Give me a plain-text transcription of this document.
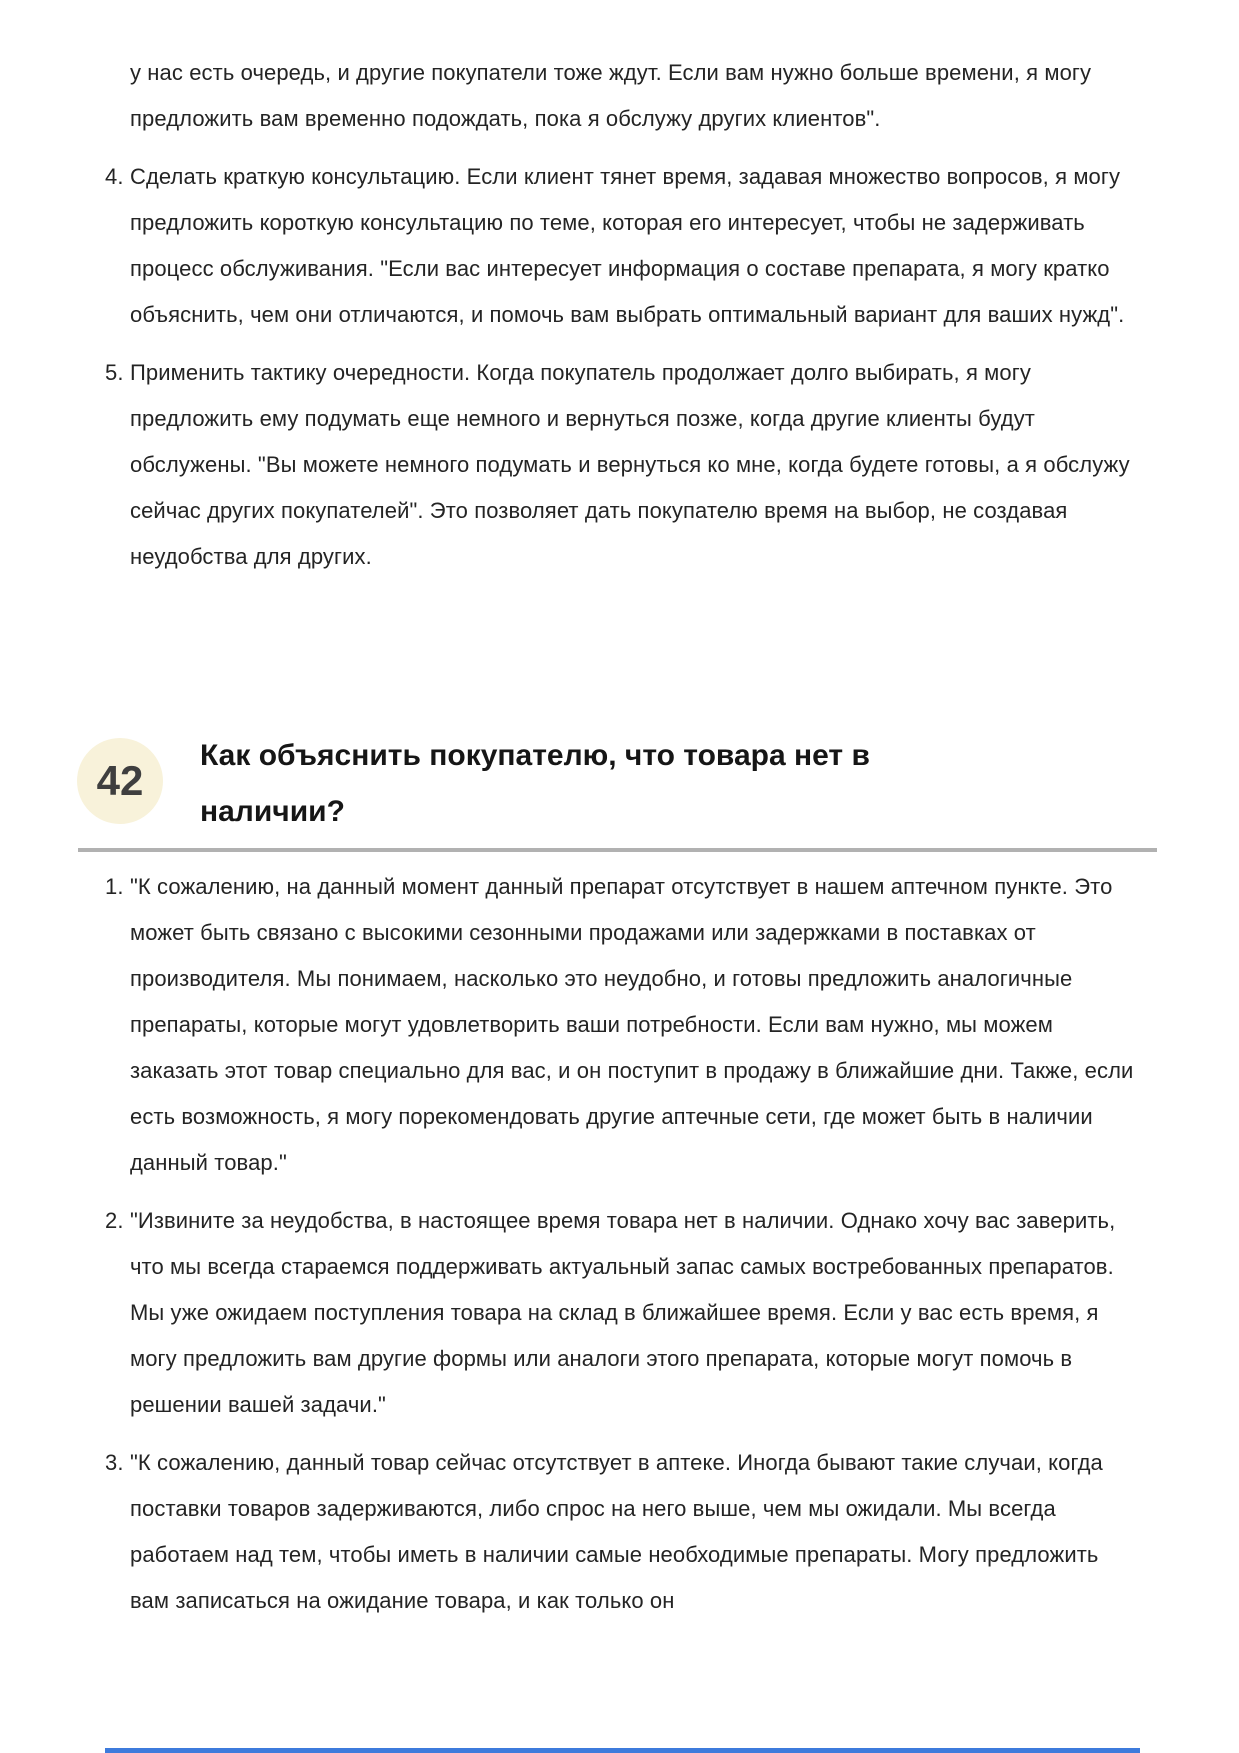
у нас есть очередь, и другие покупатели тоже ждут. Если вам нужно больше времени, я могу предложить вам временно подождать, пока я обслужу других клиентов".

4. Сделать краткую консультацию. Если клиент тянет время, задавая множество вопросов, я могу предложить короткую консультацию по теме, которая его интересует, чтобы не задерживать процесс обслуживания. "Если вас интересует информация о составе препарата, я могу кратко объяснить, чем они отличаются, и помочь вам выбрать оптимальный вариант для ваших нужд".
5. Применить тактику очередности. Когда покупатель продолжает долго выбирать, я могу предложить ему подумать еще немного и вернуться позже, когда другие клиенты будут обслужены. "Вы можете немного подумать и вернуться ко мне, когда будете готовы, а я обслужу сейчас других покупателей". Это позволяет дать покупателю время на выбор, не создавая неудобства для других.
42
Как объяснить покупателю, что товара нет в наличии?
1. "К сожалению, на данный момент данный препарат отсутствует в нашем аптечном пункте. Это может быть связано с высокими сезонными продажами или задержками в поставках от производителя. Мы понимаем, насколько это неудобно, и готовы предложить аналогичные препараты, которые могут удовлетворить ваши потребности. Если вам нужно, мы можем заказать этот товар специально для вас, и он поступит в продажу в ближайшие дни. Также, если есть возможность, я могу порекомендовать другие аптечные сети, где может быть в наличии данный товар."
2. "Извините за неудобства, в настоящее время товара нет в наличии. Однако хочу вас заверить, что мы всегда стараемся поддерживать актуальный запас самых востребованных препаратов. Мы уже ожидаем поступления товара на склад в ближайшее время. Если у вас есть время, я могу предложить вам другие формы или аналоги этого препарата, которые могут помочь в решении вашей задачи."
3. "К сожалению, данный товар сейчас отсутствует в аптеке. Иногда бывают такие случаи, когда поставки товаров задерживаются, либо спрос на него выше, чем мы ожидали. Мы всегда работаем над тем, чтобы иметь в наличии самые необходимые препараты. Могу предложить вам записаться на ожидание товара, и как только он
